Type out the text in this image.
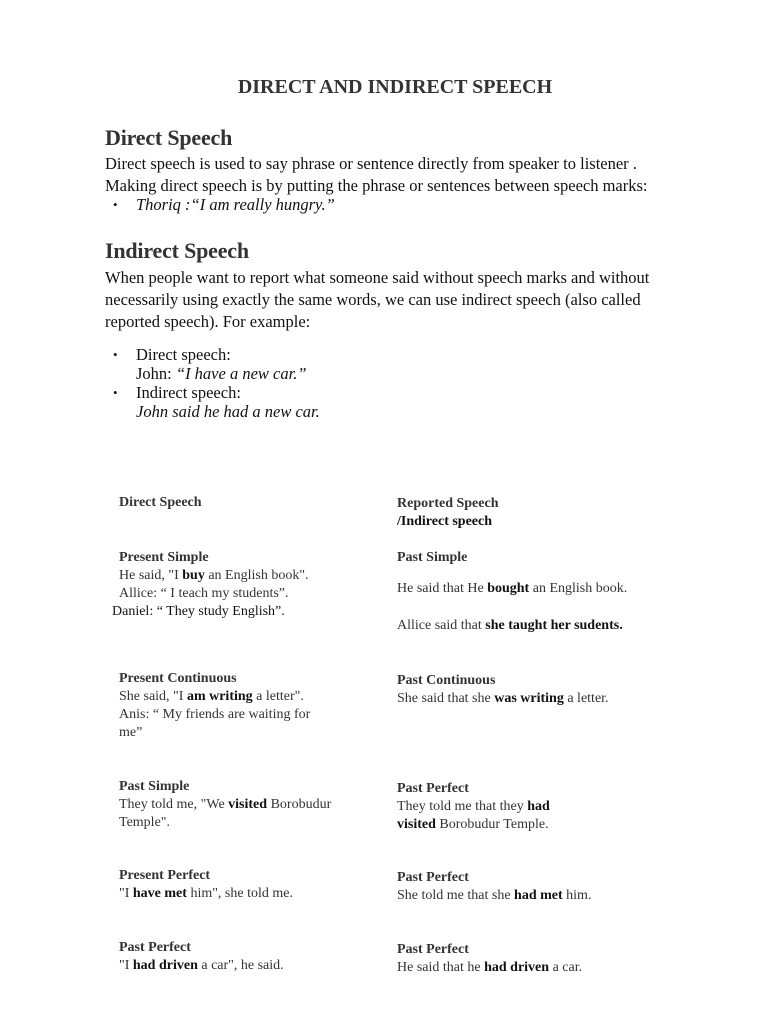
DIRECT AND INDIRECT SPEECH
Direct Speech

Direct speech is used to say phrase or sentence directly from speaker to listener .
Making direct speech is by putting the phrase or sentences between speech marks:

• Thoriq :“I am really hungry.”
Indirect Speech

When people want to report what someone said without speech marks and without
necessarily using exactly the same words, we can use indirect speech (also called
reported speech). For example:

• Direct speech:
John: “I have a new car.”
• Indirect speech:
John said he had a new car.
Direct Speech	Reported Speech
/Indirect speech
Present Simple
He said, "I buy an English book".
Allice: “ I teach my students”.
Daniel: “ They study English”.
Past Simple
He said that He bought an English book.
Allice said that she taught her sudents.
Present Continuous
She said, "I am writing a letter".
Anis: “ My friends are waiting for
me”
Past Continuous
She said that she was writing a letter.
Past Simple
They told me, "We visited Borobudur
Temple".
Past Perfect
They told me that they had
visited Borobudur Temple.
Present Perfect
"I have met him", she told me.
Past Perfect
She told me that she had met him.
Past Perfect
"I had driven a car", he said.
Past Perfect
He said that he had driven a car.
